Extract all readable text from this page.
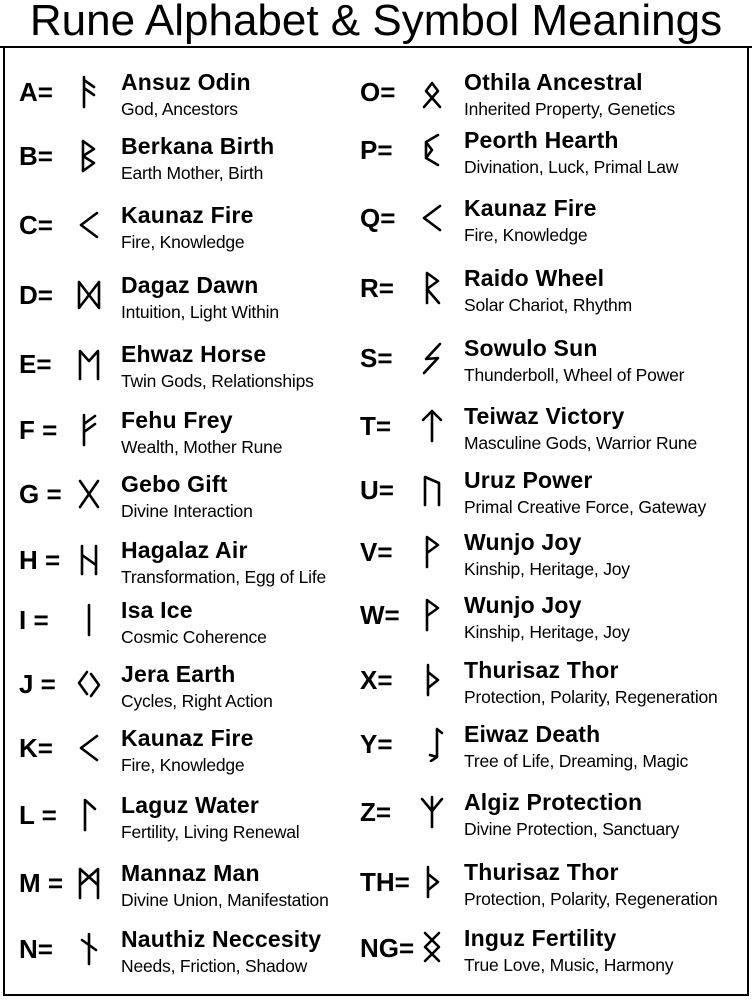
Rune Alphabet & Symbol Meanings
A=	Ansuz Odin
God, Ancestors
B=	Berkana Birth
Earth Mother, Birth
C=	Kaunaz Fire
Fire, Knowledge
D=	Dagaz Dawn
Intuition, Light Within
E=	Ehwaz Horse
Twin Gods, Relationships
F =	Fehu Frey
Wealth, Mother Rune
G =	Gebo Gift
Divine Interaction
H =	Hagalaz Air
Transformation, Egg of Life
I =	Isa Ice
Cosmic Coherence
J =	Jera Earth
Cycles, Right Action
K=	Kaunaz Fire
Fire, Knowledge
L =	Laguz Water
Fertility, Living Renewal
M =	Mannaz Man
Divine Union, Manifestation
N=	Nauthiz Neccesity
Needs, Friction, Shadow
O=	Othila Ancestral
Inherited Property, Genetics
P=	Peorth Hearth
Divination, Luck, Primal Law
Q=	Kaunaz Fire
Fire, Knowledge
R=	Raido Wheel
Solar Chariot, Rhythm
S=	Sowulo Sun
Thunderboll, Wheel of Power
T=	Teiwaz Victory
Masculine Gods, Warrior Rune
U=	Uruz Power
Primal Creative Force, Gateway
V=	Wunjo Joy
Kinship, Heritage, Joy
W=	Wunjo Joy
Kinship, Heritage, Joy
X=	Thurisaz Thor
Protection, Polarity, Regeneration
Y=	Eiwaz Death
Tree of Life, Dreaming, Magic
Z=	Algiz Protection
Divine Protection, Sanctuary
TH= Thurisaz Thor
Protection, Polarity, Regeneration
NG= Inguz Fertility
True Love, Music, Harmony
